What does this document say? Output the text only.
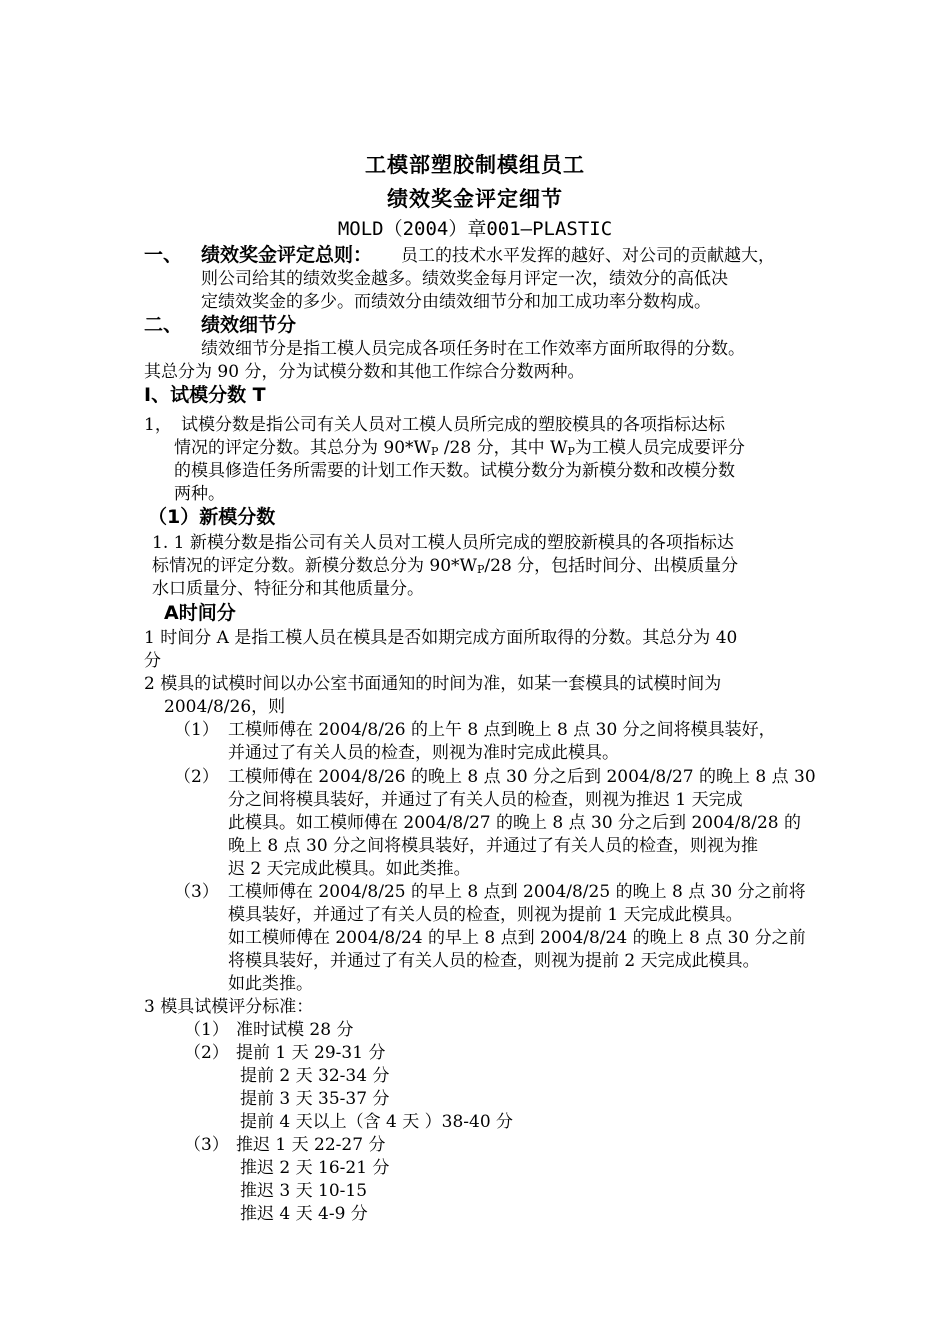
工模部塑胶制模组员工
绩效奖金评定细节
MOLD（2004）章001—PLASTIC
一、 绩效奖金评定总则： 员工的技术水平发挥的越好、对公司的贡献越大，
则公司给其的绩效奖金越多。绩效奖金每月评定一次，绩效分的高低决
定绩效奖金的多少。而绩效分由绩效细节分和加工成功率分数构成。
二、 绩效细节分
绩效细节分是指工模人员完成各项任务时在工作效率方面所取得的分数。
其总分为 90 分，分为试模分数和其他工作综合分数两种。
I、试模分数 T
1， 试模分数是指公司有关人员对工模人员所完成的塑胶模具的各项指标达标
情况的评定分数。其总分为 $90*W_P$ /28 分，其中 $W_P$为工模人员完成要评分
的模具修造任务所需要的计划工作天数。试模分数分为新模分数和改模分数
两种。
（1）新模分数
1. 1 新模分数是指公司有关人员对工模人员所完成的塑胶新模具的各项指标达
标情况的评定分数。新模分数总分为 $90*W_P/28$ 分，包括时间分、出模质量分
水口质量分、特征分和其他质量分。
A时间分
1 时间分 A 是指工模人员在模具是否如期完成方面所取得的分数。其总分为 40
分
2 模具的试模时间以办公室书面通知的时间为准，如某一套模具的试模时间为
2004/8/26，则
（1） 工模师傅在 2004/8/26 的上午 8 点到晚上 8 点 30 分之间将模具装好，
并通过了有关人员的检查，则视为准时完成此模具。
（2） 工模师傅在 2004/8/26 的晚上 8 点 30 分之后到 2004/8/27 的晚上 8 点 30
分之间将模具装好，并通过了有关人员的检查，则视为推迟 1 天完成
此模具。如工模师傅在 2004/8/27 的晚上 8 点 30 分之后到 2004/8/28 的
晚上 8 点 30 分之间将模具装好，并通过了有关人员的检查，则视为推
迟 2 天完成此模具。如此类推。
（3） 工模师傅在 2004/8/25 的早上 8 点到 2004/8/25 的晚上 8 点 30 分之前将
模具装好，并通过了有关人员的检查，则视为提前 1 天完成此模具。
如工模师傅在 2004/8/24 的早上 8 点到 2004/8/24 的晚上 8 点 30 分之前
将模具装好，并通过了有关人员的检查，则视为提前 2 天完成此模具。
如此类推。
3 模具试模评分标准：
（1） 准时试模 28 分
（2） 提前 1 天 29-31 分
提前 2 天 32-34 分
提前 3 天 35-37 分
提前 4 天以上（含 4 天 ）38-40 分
（3） 推迟 1 天 22-27 分
推迟 2 天 16-21 分
推迟 3 天 10-15
推迟 4 天 4-9 分
